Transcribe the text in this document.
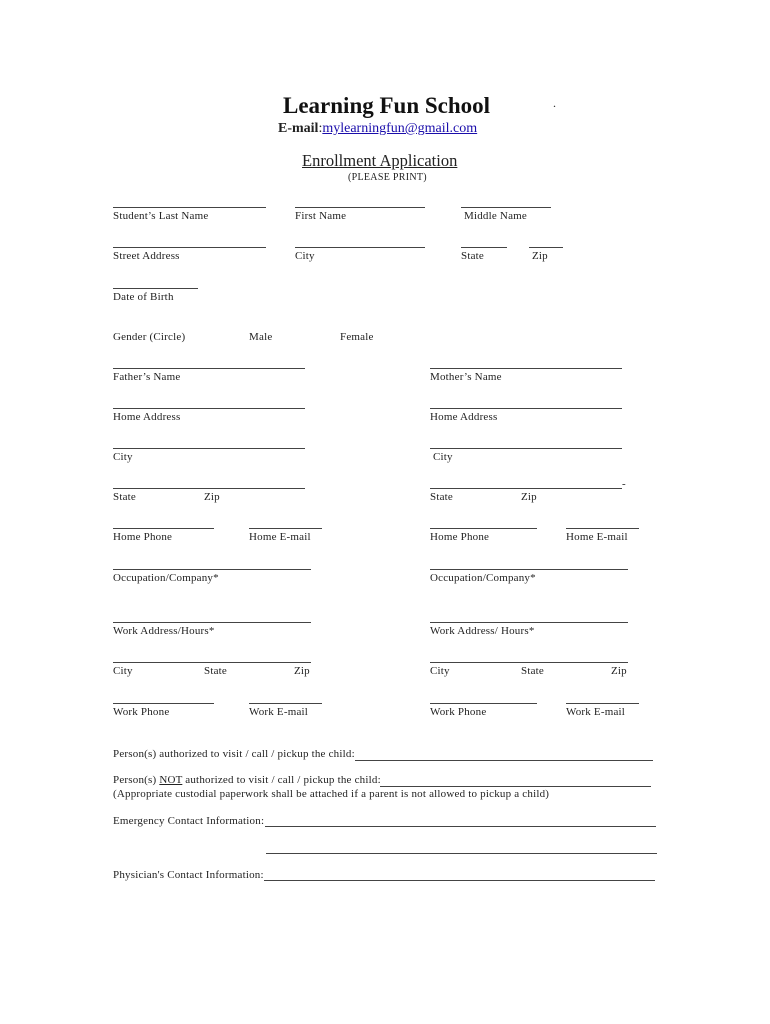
Learning Fun School	.
E-mail:mylearningfun@gmail.com
Enrollment Application
(PLEASE PRINT)
Student’s Last Name	First Name	Middle Name
Street Address	City	State	Zip
Date of Birth
Gender (Circle)	Male	Female
Father’s Name	Mother’s Name
Home Address	Home Address
City	City
-
State	Zip	State	Zip
Home Phone	Home E-mail	Home Phone	Home E-mail
Occupation/Company*	Occupation/Company*
Work Address/Hours*	Work Address/ Hours*
City	State	Zip	City	State	Zip
Work Phone	Work E-mail	Work Phone	Work E-mail
Person(s) authorized to visit / call / pickup the child:
Person(s) NOT authorized to visit / call / pickup the child:
(Appropriate custodial paperwork shall be attached if a parent is not allowed to pickup a child)
Emergency Contact Information:
Physician's Contact Information:
